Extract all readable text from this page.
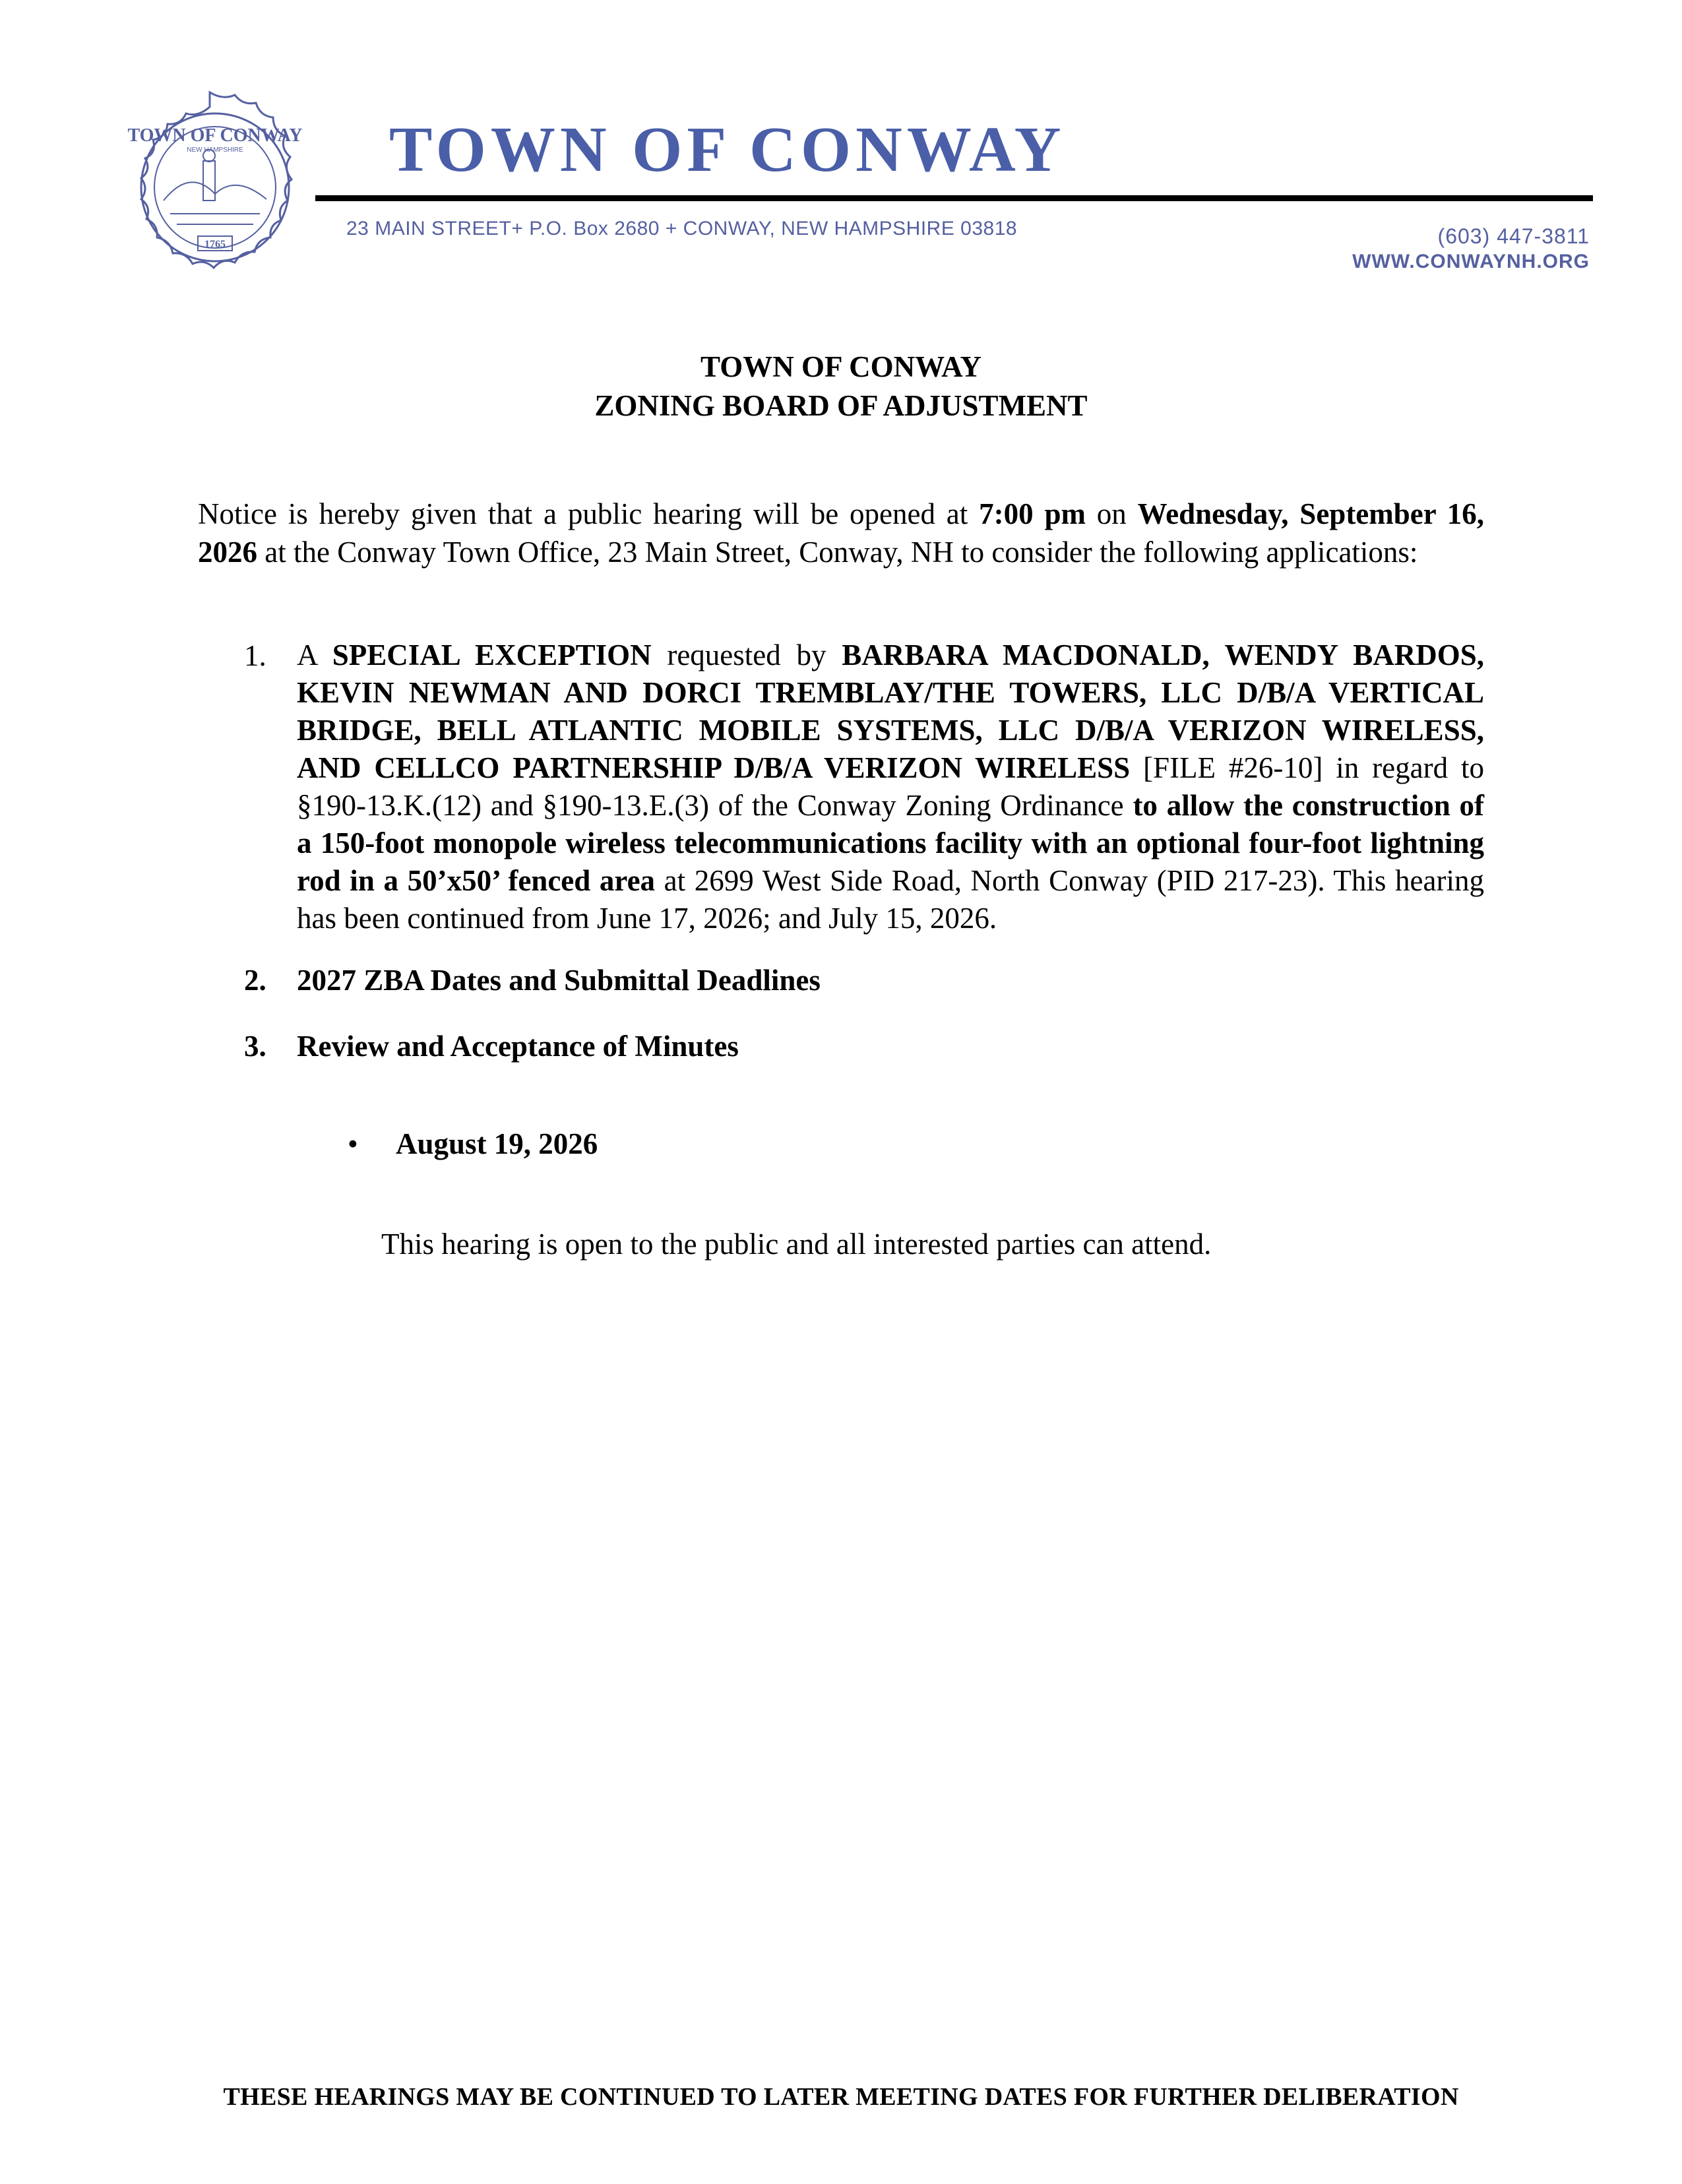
TOWN OF CONWAY
NEW HAMPSHIRE
1765
TOWN OF CONWAY

23 MAIN STREET+ P.O. Box 2680 + CONWAY, NEW HAMPSHIRE 03818	(603) 447-3811

WWW.CONWAYNH.ORG

TOWN OF CONWAY
ZONING BOARD OF ADJUSTMENT

Notice is hereby given that a public hearing will be opened at 7:00 pm on Wednesday, September 16, 2026 at the Conway Town Office, 23 Main Street, Conway, NH to consider the following applications:

1. A SPECIAL EXCEPTION requested by BARBARA MACDONALD, WENDY BARDOS, KEVIN NEWMAN AND DORCI TREMBLAY/THE TOWERS, LLC D/B/A VERTICAL BRIDGE, BELL ATLANTIC MOBILE SYSTEMS, LLC D/B/A VERIZON WIRELESS, AND CELLCO PARTNERSHIP D/B/A VERIZON WIRELESS [FILE #26-10] in regard to §190-13.K.(12) and §190-13.E.(3) of the Conway Zoning Ordinance to allow the construction of a 150-foot monopole wireless telecommunications facility with an optional four-foot lightning rod in a 50’x50’ fenced area at 2699 West Side Road, North Conway (PID 217-23). This hearing has been continued from June 17, 2026; and July 15, 2026.

2. 2027 ZBA Dates and Submittal Deadlines

3. Review and Acceptance of Minutes

• August 19, 2026

This hearing is open to the public and all interested parties can attend.

THESE HEARINGS MAY BE CONTINUED TO LATER MEETING DATES FOR FURTHER DELIBERATION
